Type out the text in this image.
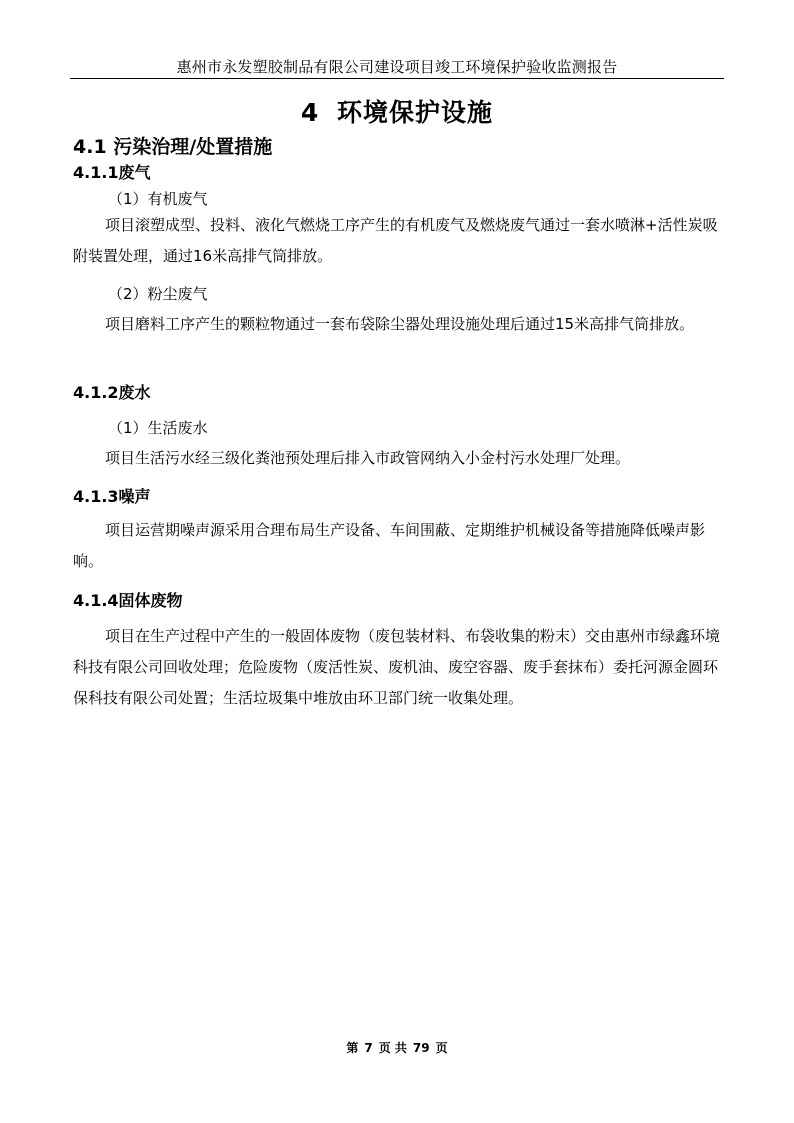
惠州市永发塑胶制品有限公司建设项目竣工环境保护验收监测报告
4 环境保护设施
4.1 污染治理/处置措施
4.1.1废气
（1）有机废气
项目滚塑成型、投料、液化气燃烧工序产生的有机废气及燃烧废气通过一套水喷淋+活性炭吸附装置处理，通过16米高排气筒排放。
（2）粉尘废气
项目磨料工序产生的颗粒物通过一套布袋除尘器处理设施处理后通过15米高排气筒排放。
4.1.2废水
（1）生活废水
项目生活污水经三级化粪池预处理后排入市政管网纳入小金村污水处理厂处理。
4.1.3噪声
项目运营期噪声源采用合理布局生产设备、车间围蔽、定期维护机械设备等措施降低噪声影响。
4.1.4固体废物
项目在生产过程中产生的一般固体废物（废包装材料、布袋收集的粉末）交由惠州市绿鑫环境科技有限公司回收处理；危险废物（废活性炭、废机油、废空容器、废手套抹布）委托河源金圆环保科技有限公司处置；生活垃圾集中堆放由环卫部门统一收集处理。
第 7 页 共 79 页
